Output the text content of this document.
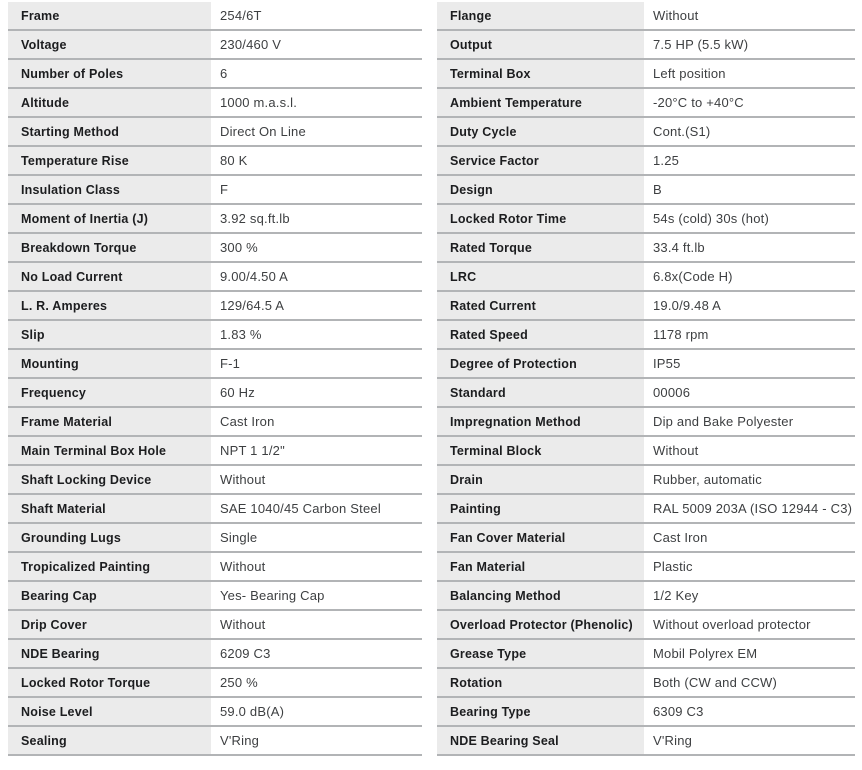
Frame	254/6T
Voltage	230/460 V
Number of Poles	6
Altitude	1000 m.a.s.l.
Starting Method	Direct On Line
Temperature Rise	80 K
Insulation Class	F
Moment of Inertia (J)	3.92 sq.ft.lb
Breakdown Torque	300 %
No Load Current	9.00/4.50 A
L. R. Amperes	129/64.5 A
Slip	1.83 %
Mounting	F-1
Frequency	60 Hz
Frame Material	Cast Iron
Main Terminal Box Hole	NPT 1 1/2"
Shaft Locking Device	Without
Shaft Material	SAE 1040/45 Carbon Steel
Grounding Lugs	Single
Tropicalized Painting	Without
Bearing Cap	Yes- Bearing Cap
Drip Cover	Without
NDE Bearing	6209 C3
Locked Rotor Torque	250 %
Noise Level	59.0 dB(A)
Sealing	V'Ring
Flange	Without
Output	7.5 HP (5.5 kW)
Terminal Box	Left position
Ambient Temperature	-20°C to +40°C
Duty Cycle	Cont.(S1)
Service Factor	1.25
Design	B
Locked Rotor Time	54s (cold) 30s (hot)
Rated Torque	33.4 ft.lb
LRC	6.8x(Code H)
Rated Current	19.0/9.48 A
Rated Speed	1178 rpm
Degree of Protection	IP55
Standard	00006
Impregnation Method	Dip and Bake Polyester
Terminal Block	Without
Drain	Rubber, automatic
Painting	RAL 5009 203A (ISO 12944 - C3)
Fan Cover Material	Cast Iron
Fan Material	Plastic
Balancing Method	1/2 Key
Overload Protector (Phenolic)	Without overload protector
Grease Type	Mobil Polyrex EM
Rotation	Both (CW and CCW)
Bearing Type	6309 C3
NDE Bearing Seal	V'Ring
